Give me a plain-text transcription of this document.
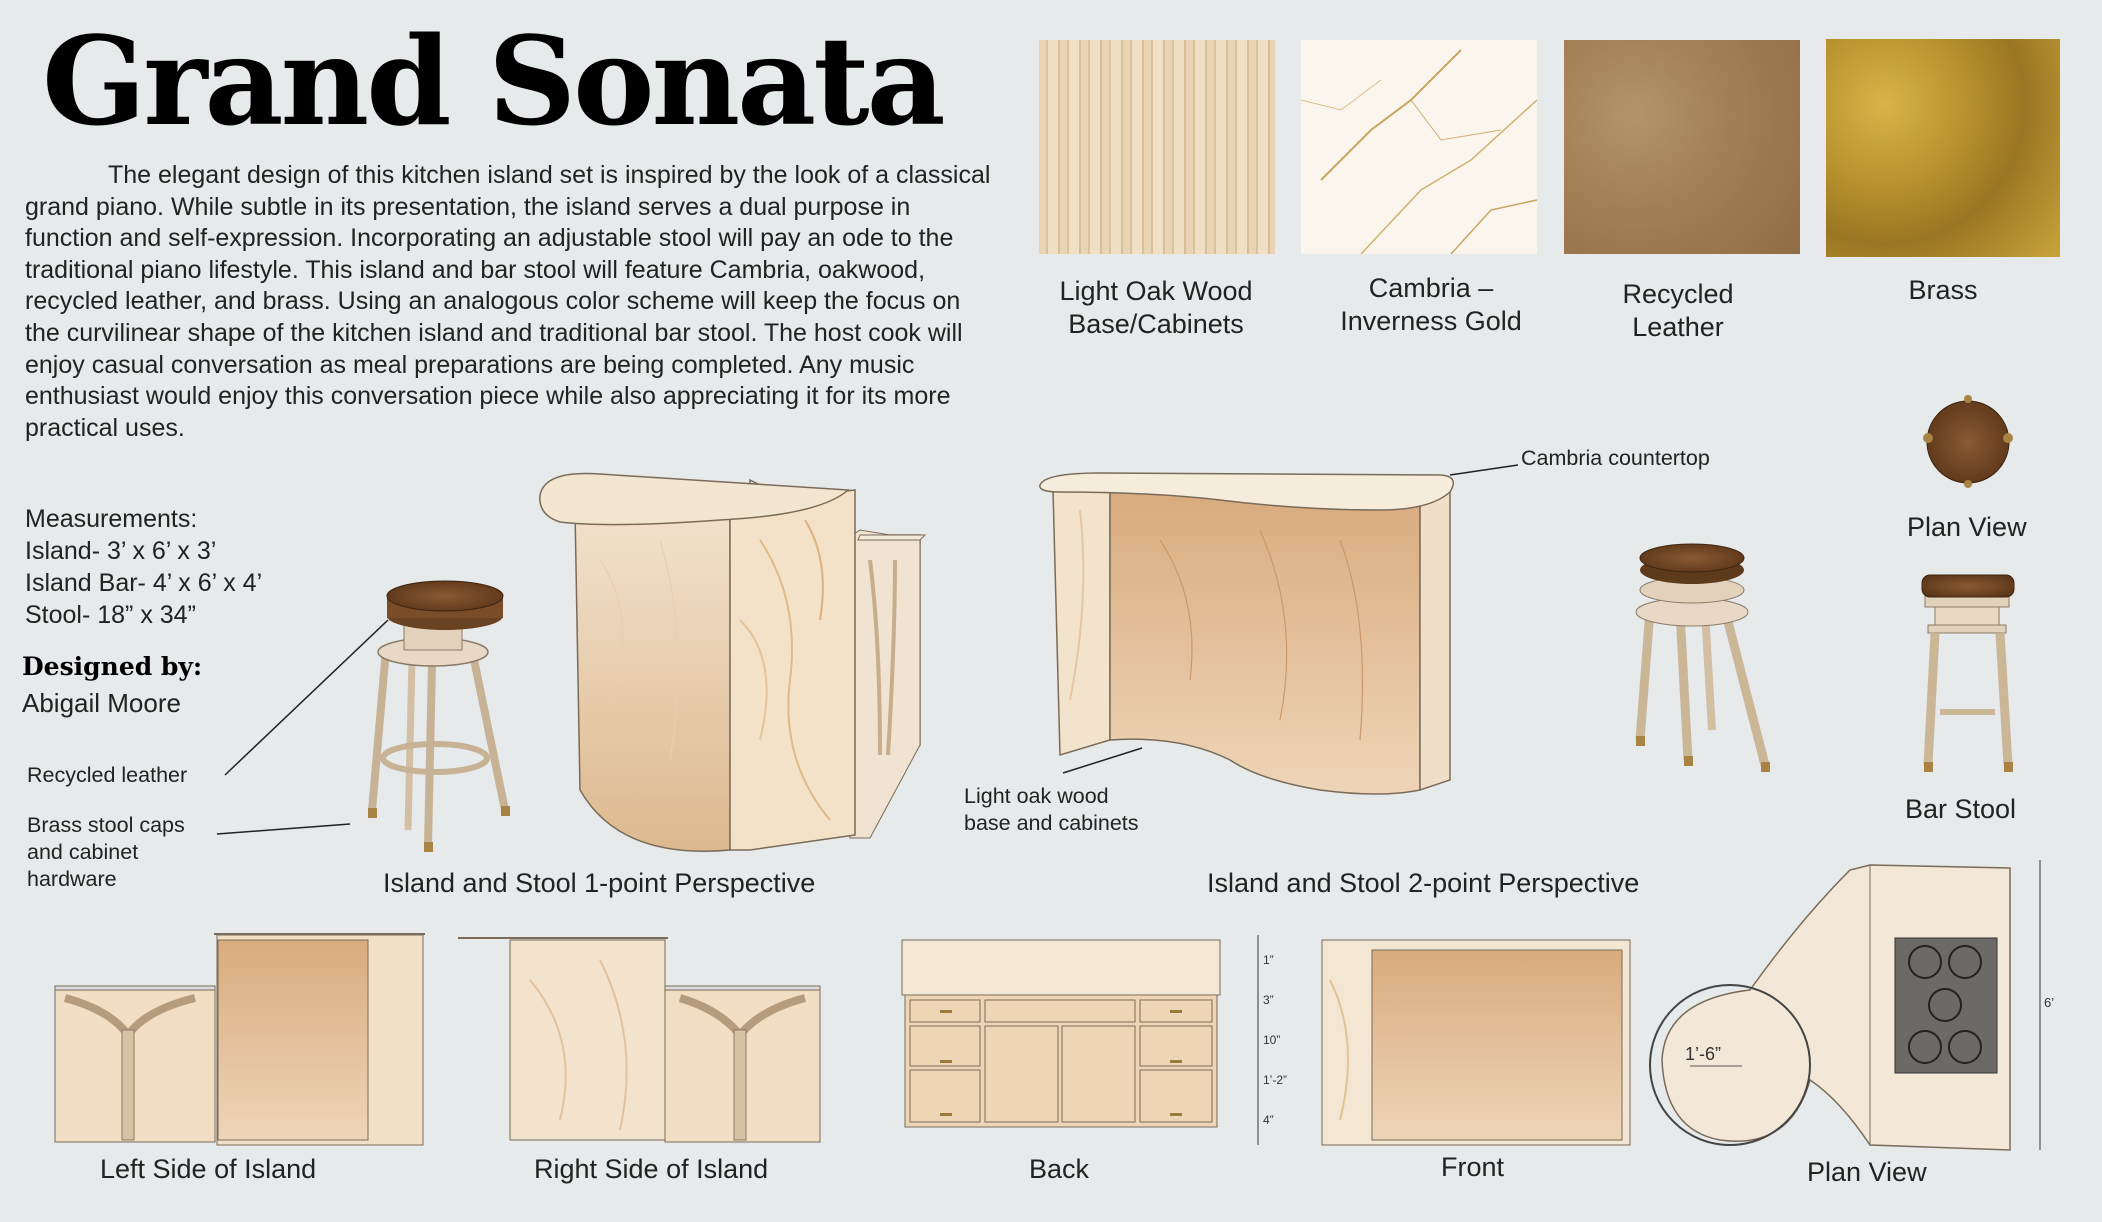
Grand Sonata

The elegant design of this kitchen island set is inspired by the look of a classical grand piano. While subtle in its presentation, the island serves a dual purpose in function and self-expression. Incorporating an adjustable stool will pay an ode to the traditional piano lifestyle. This island and bar stool will feature Cambria, oakwood, recycled leather, and brass. Using an analogous color scheme will keep the focus on the curvilinear shape of the kitchen island and traditional bar stool. The host cook will enjoy casual conversation as meal preparations are being completed. Any music enthusiast would enjoy this conversation piece while also appreciating it for its more practical uses.

Measurements:
Island- 3’ x 6’ x 3’
Island Bar- 4’ x 6’ x 4’
Stool- 18” x 34”
Designed by:
Abigail Moore
Light Oak Wood
Base/Cabinets
Cambria –
Inverness Gold
Recycled
Leather
Brass
Recycled leather
Brass stool caps
and cabinet
hardware
Cambria countertop
Light oak wood
base and cabinets
1’-6”
1”
3”
10”
1’-2”
4”
6’
Island and Stool 1-point Perspective	Island and Stool 2-point Perspective
Plan View
Bar Stool
Left Side of Island	Right Side of Island	Back	Front	Plan View
